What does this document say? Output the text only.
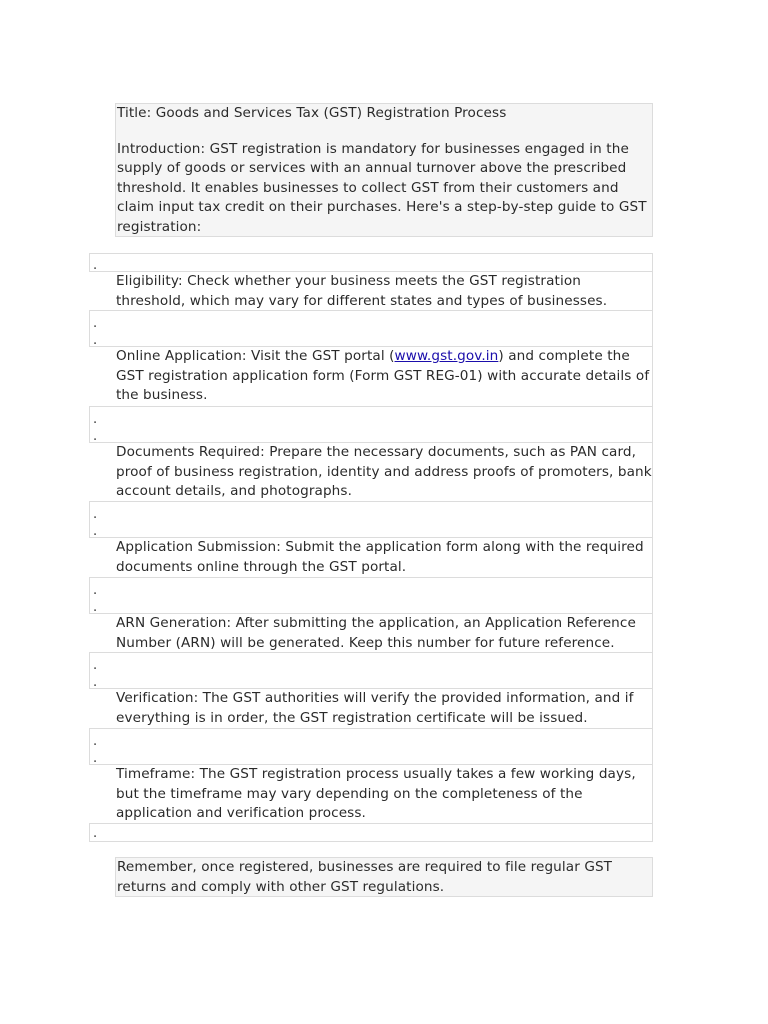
Title: Goods and Services Tax (GST) Registration Process

Introduction: GST registration is mandatory for businesses engaged in the supply of goods or services with an annual turnover above the prescribed threshold. It enables businesses to collect GST from their customers and claim input tax credit on their purchases. Here's a step-by-step guide to GST registration:

.

Eligibility: Check whether your business meets the GST registration threshold, which may vary for different states and types of businesses.

.
.

Online Application: Visit the GST portal (www.gst.gov.in) and complete the GST registration application form (Form GST REG-01) with accurate details of the business.

.
.

Documents Required: Prepare the necessary documents, such as PAN card, proof of business registration, identity and address proofs of promoters, bank account details, and photographs.

.
.

Application Submission: Submit the application form along with the required documents online through the GST portal.

.
.

ARN Generation: After submitting the application, an Application Reference Number (ARN) will be generated. Keep this number for future reference.

.
.

Verification: The GST authorities will verify the provided information, and if everything is in order, the GST registration certificate will be issued.

.
.

Timeframe: The GST registration process usually takes a few working days, but the timeframe may vary depending on the completeness of the application and verification process.

.

Remember, once registered, businesses are required to file regular GST returns and comply with other GST regulations.
